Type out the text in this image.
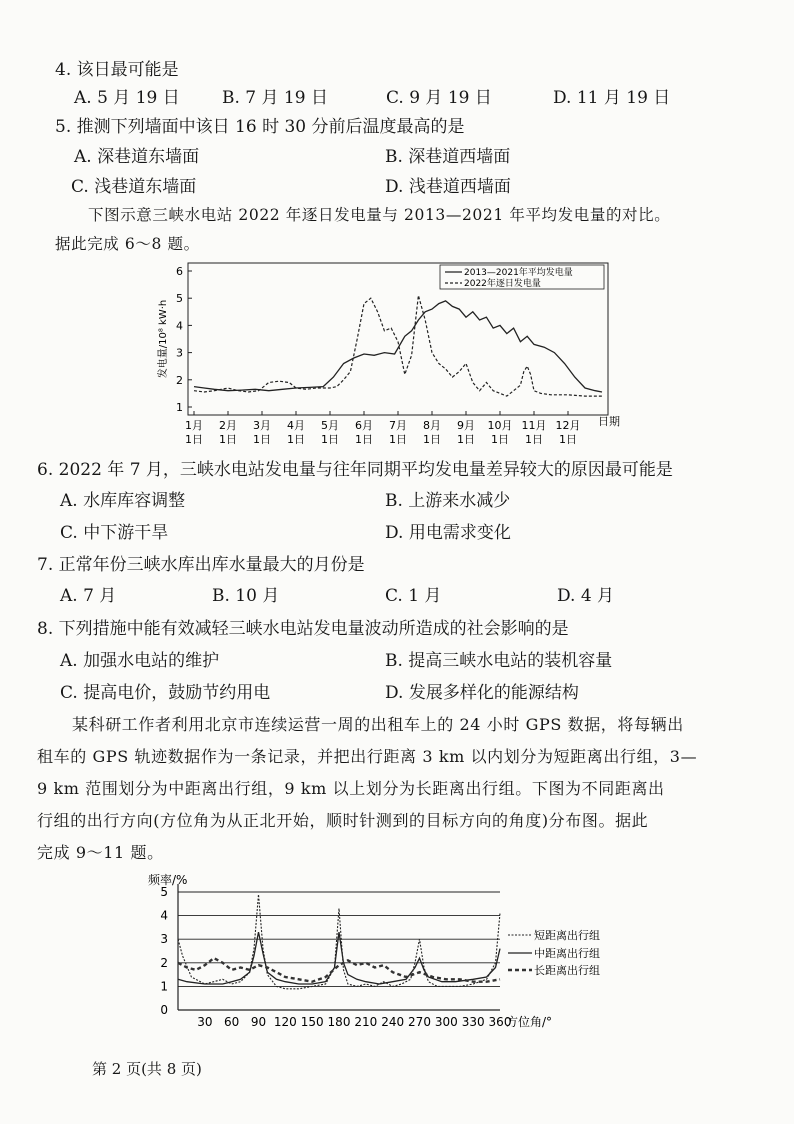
4. 该日最可能是
A. 5 月 19 日 B. 7 月 19 日	C. 9 月 19 日	D. 11 月 19 日
5. 推测下列墙面中该日 16 时 30 分前后温度最高的是
A. 深巷道东墙面	B. 深巷道西墙面
C. 浅巷道东墙面	D. 浅巷道西墙面
下图示意三峡水电站 2022 年逐日发电量与 2013—2021 年平均发电量的对比。
据此完成 6～8 题。
1
2
3
4
5
6
1月
1日
2月
1日
3月
1日
4月
1日
5月
1日
6月
1日
7月
1日
8月
1日
9月
1日
10月
1日
11月
1日
12月
1日
发电量/10⁸ kW·h
日期
2013—2021年平均发电量
2022年逐日发电量
6. 2022 年 7 月，三峡水电站发电量与往年同期平均发电量差异较大的原因最可能是
A. 水库库容调整	B. 上游来水减少
C. 中下游干旱	D. 用电需求变化
7. 正常年份三峡水库出库水量最大的月份是
A. 7 月	B. 10 月	C. 1 月	D. 4 月
8. 下列措施中能有效减轻三峡水电站发电量波动所造成的社会影响的是
A. 加强水电站的维护	B. 提高三峡水电站的装机容量
C. 提高电价，鼓励节约用电	D. 发展多样化的能源结构
某科研工作者利用北京市连续运营一周的出租车上的 24 小时 GPS 数据，将每辆出
租车的 GPS 轨迹数据作为一条记录，并把出行距离 3 km 以内划分为短距离出行组，3—
9 km 范围划分为中距离出行组，9 km 以上划分为长距离出行组。下图为不同距离出
行组的出行方向(方位角为从正北开始，顺时针测到的目标方向的角度)分布图。据此
完成 9～11 题。
频率/%
0
1
2
3
4
5
30 60 90 120 150 180 210 240 270 300 330 360
方位角/°
短距离出行组
中距离出行组
长距离出行组
第 2 页(共 8 页)
